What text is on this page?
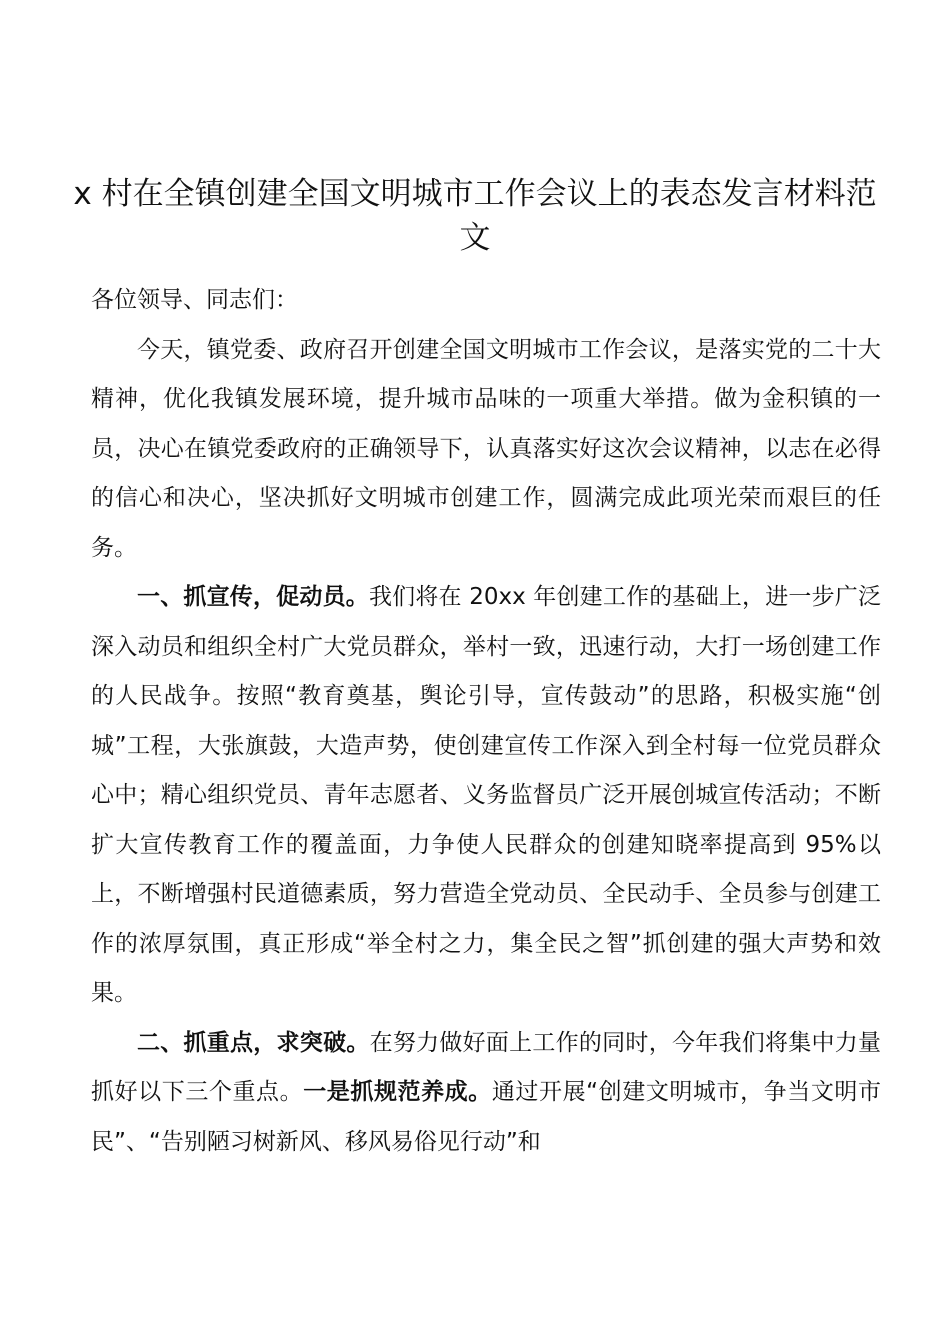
x 村在全镇创建全国文明城市工作会议上的表态发言材料范文

各位领导、同志们：

今天，镇党委、政府召开创建全国文明城市工作会议，是落实党的二十大精神，优化我镇发展环境，提升城市品味的一项重大举措。做为金积镇的一员，决心在镇党委政府的正确领导下，认真落实好这次会议精神，以志在必得的信心和决心，坚决抓好文明城市创建工作，圆满完成此项光荣而艰巨的任务。

一、抓宣传，促动员。我们将在 20xx 年创建工作的基础上，进一步广泛深入动员和组织全村广大党员群众，举村一致，迅速行动，大打一场创建工作的人民战争。按照“教育奠基，舆论引导，宣传鼓动”的思路，积极实施“创城”工程，大张旗鼓，大造声势，使创建宣传工作深入到全村每一位党员群众心中；精心组织党员、青年志愿者、义务监督员广泛开展创城宣传活动；不断扩大宣传教育工作的覆盖面，力争使人民群众的创建知晓率提高到 95%以上，不断增强村民道德素质，努力营造全党动员、全民动手、全员参与创建工作的浓厚氛围，真正形成“举全村之力，集全民之智”抓创建的强大声势和效果。

二、抓重点，求突破。在努力做好面上工作的同时，今年我们将集中力量抓好以下三个重点。一是抓规范养成。通过开展“创建文明城市，争当文明市民”、“告别陋习树新风、移风易俗见行动”和
